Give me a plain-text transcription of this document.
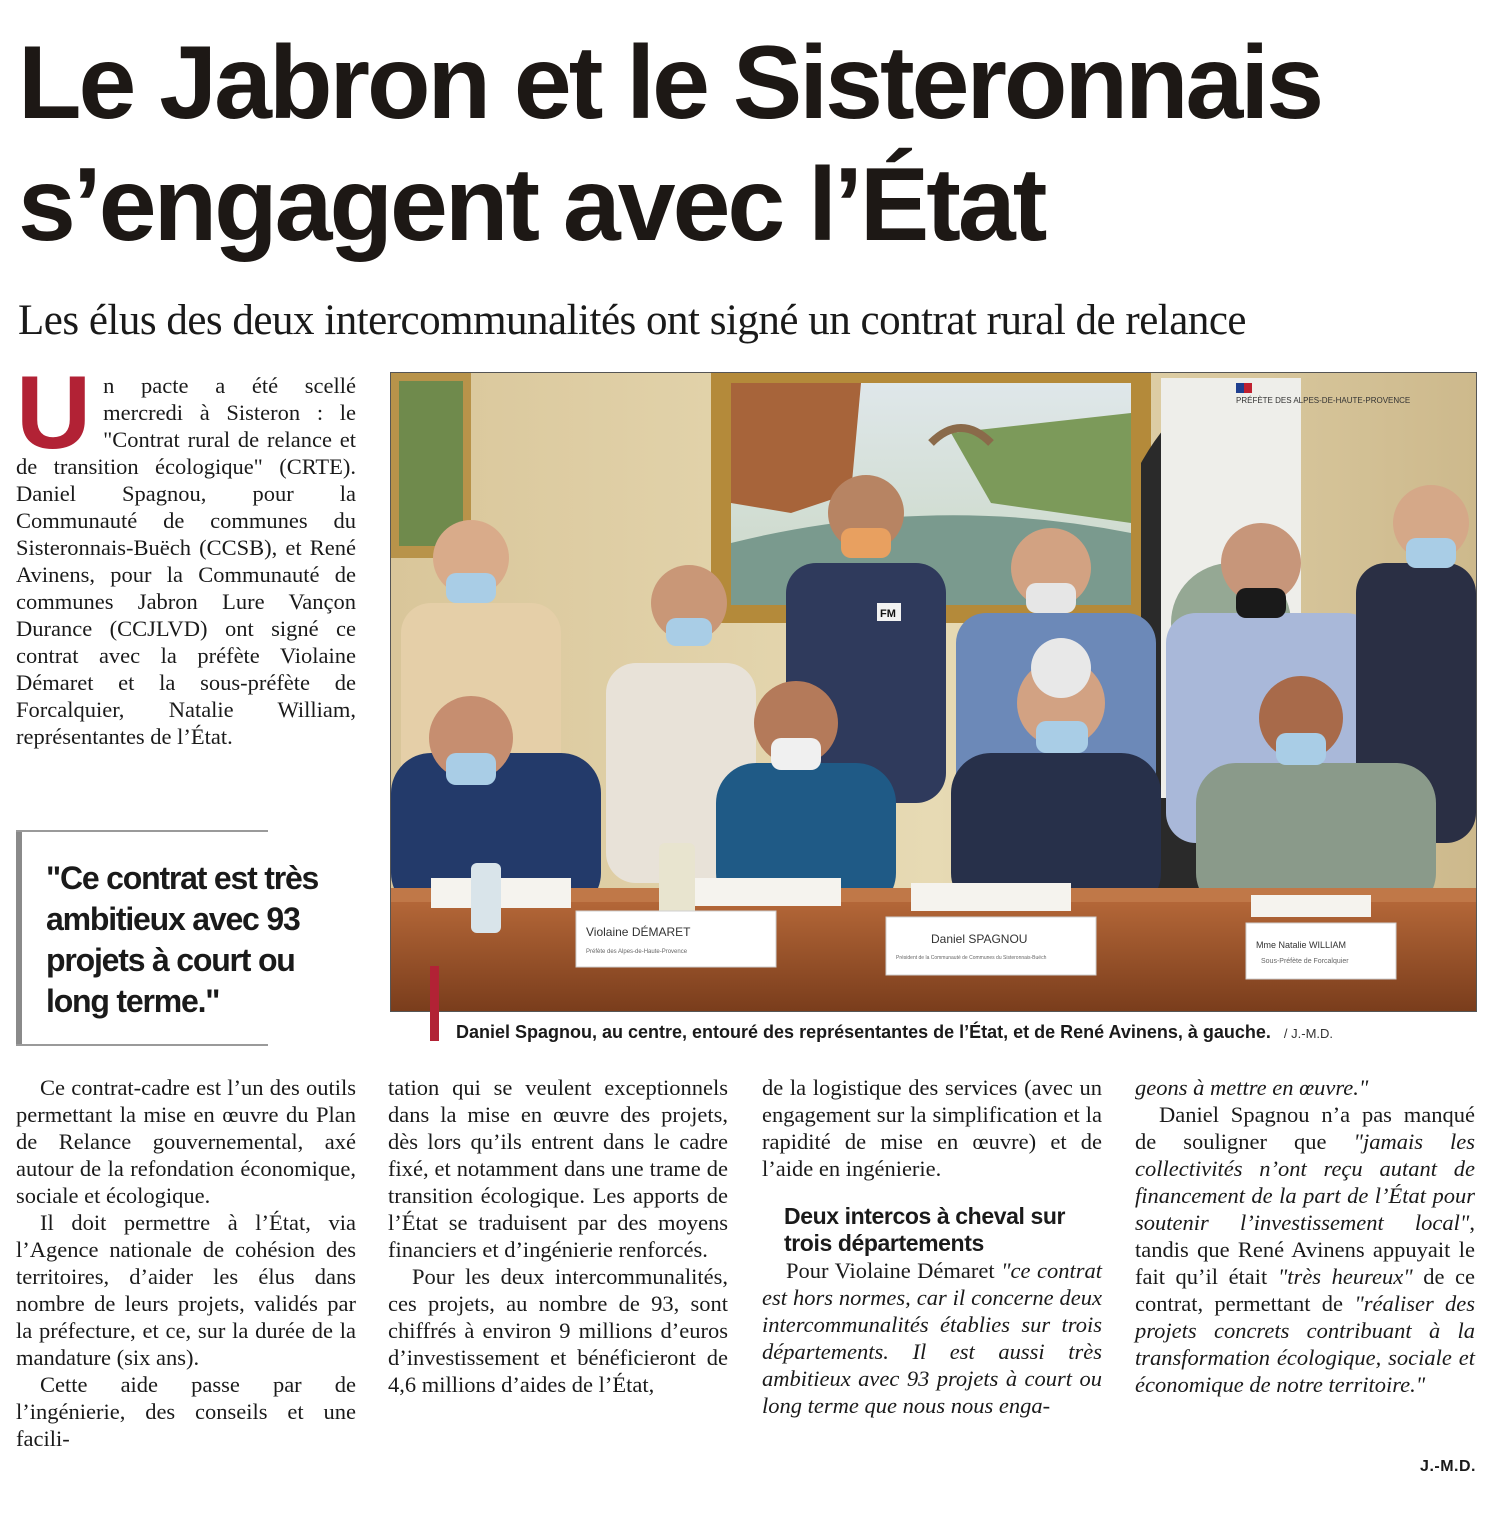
Le Jabron et le Sisteronnais
s’engagent avec l’État
Les élus des deux intercommunalités ont signé un contrat rural de relance
U n pacte a été scellé mercredi à Sisteron : le "Contrat rural de relance et de transition écologique" (CRTE). Daniel Spagnou, pour la Communauté de communes du Sisteronnais-Buëch (CCSB), et René Avinens, pour la Communauté de communes Jabron Lure Vançon Durance (CCJLVD) ont signé ce contrat avec la préfète Violaine Démaret et la sous-préfète de Forcalquier, Natalie William, représentantes de l’État.

"Ce contrat est très ambitieux avec 93 projets à court ou long terme."

PRÉFÈTE DES ALPES-DE-HAUTE-PROVENCE
FM
Violaine DÉMARET
Préfète des Alpes-de-Haute-Provence
Daniel SPAGNOU
Président de la Communauté de Communes du Sisteronnais-Buëch
Mme Natalie WILLIAM
Sous-Préfète de Forcalquier
Daniel Spagnou, au centre, entouré des représentantes de l’État, et de René Avinens, à gauche. / J.-M.D.

Ce contrat-cadre est l’un des outils permettant la mise en œuvre du Plan de Relance gouvernemental, axé autour de la refondation économique, sociale et écologique.

Il doit permettre à l’État, via l’Agence nationale de cohésion des territoires, d’aider les élus dans nombre de leurs projets, validés par la préfecture, et ce, sur la durée de la mandature (six ans).

Cette aide passe par de l’ingénierie, des conseils et une facili-

tation qui se veulent exceptionnels dans la mise en œuvre des projets, dès lors qu’ils entrent dans le cadre fixé, et notamment dans une trame de transition écologique. Les apports de l’État se traduisent par des moyens financiers et d’ingénierie renforcés.

Pour les deux intercommunalités, ces projets, au nombre de 93, sont chiffrés à environ 9 millions d’euros d’investissement et bénéficieront de 4,6 millions d’aides de l’État,

de la logistique des services (avec un engagement sur la simplification et la rapidité de mise en œuvre) et de l’aide en ingénierie.

Deux intercos à cheval sur trois départements

Pour Violaine Démaret "ce contrat est hors normes, car il concerne deux intercommunalités établies sur trois départements. Il est aussi très ambitieux avec 93 projets à court ou long terme que nous nous enga-

geons à mettre en œuvre."

Daniel Spagnou n’a pas manqué de souligner que "jamais les collectivités n’ont reçu autant de financement de la part de l’État pour soutenir l’investissement local", tandis que René Avinens appuyait le fait qu’il était "très heureux" de ce contrat, permettant de "réaliser des projets concrets contribuant à la transformation écologique, sociale et économique de notre territoire."

J.-M.D.
